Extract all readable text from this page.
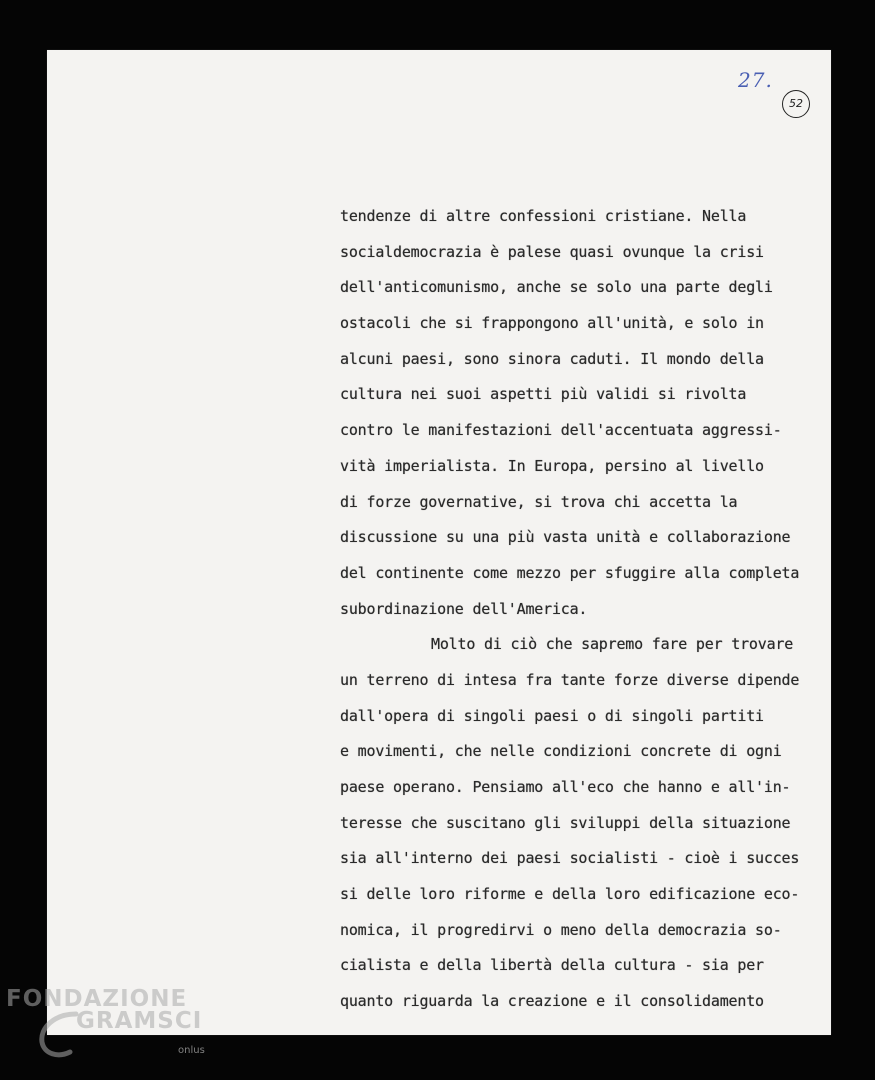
27.
52
tendenze di altre confessioni cristiane. Nella
socialdemocrazia è palese quasi ovunque la crisi
dell'anticomunismo, anche se solo una parte degli
ostacoli che si frappongono all'unità, e solo in
alcuni paesi, sono sinora caduti. Il mondo della
cultura nei suoi aspetti più validi si rivolta
contro le manifestazioni dell'accentuata aggressi-
vità imperialista. In Europa, persino al livello
di forze governative, si trova chi accetta la
discussione su una più vasta unità e collaborazione
del continente come mezzo per sfuggire alla completa
subordinazione dell'America.
Molto di ciò che sapremo fare per trovare
un terreno di intesa fra tante forze diverse dipende
dall'opera di singoli paesi o di singoli partiti
e movimenti, che nelle condizioni concrete di ogni
paese operano. Pensiamo all'eco che hanno e all'in-
teresse che suscitano gli sviluppi della situazione
sia all'interno dei paesi socialisti - cioè i succes
si delle loro riforme e della loro edificazione eco-
nomica, il progredirvi o meno della democrazia so-
cialista e della libertà della cultura - sia per
quanto riguarda la creazione e il consolidamento
FONDAZIONE
GRAMSCI
onlus
